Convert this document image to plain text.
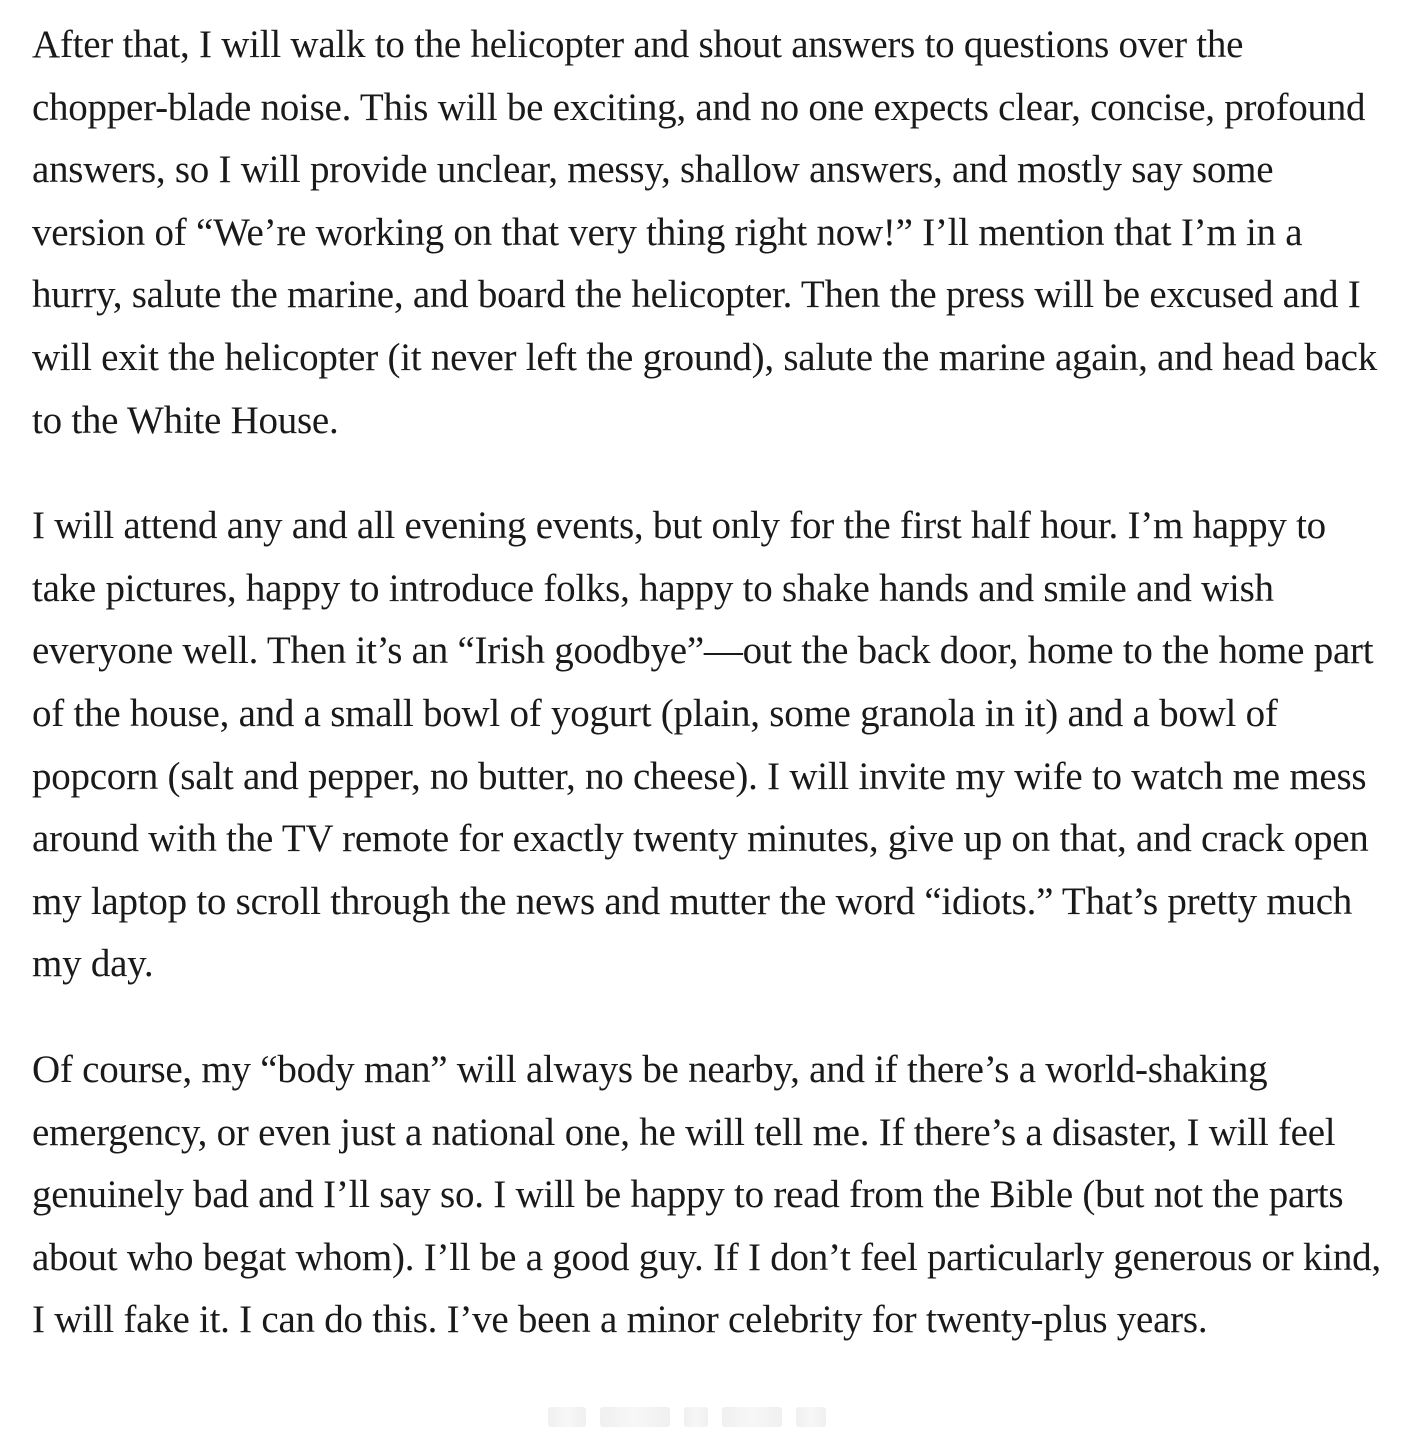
After that, I will walk to the helicopter and shout answers to questions over the chopper-blade noise. This will be exciting, and no one expects clear, concise, profound answers, so I will provide unclear, messy, shallow answers, and mostly say some version of “We’re working on that very thing right now!” I’ll mention that I’m in a hurry, salute the marine, and board the helicopter. Then the press will be excused and I will exit the helicopter (it never left the ground), salute the marine again, and head back to the White House.

I will attend any and all evening events, but only for the first half hour. I’m happy to take pictures, happy to introduce folks, happy to shake hands and smile and wish everyone well. Then it’s an “Irish goodbye”—out the back door, home to the home part of the house, and a small bowl of yogurt (plain, some granola in it) and a bowl of popcorn (salt and pepper, no butter, no cheese). I will invite my wife to watch me mess around with the TV remote for exactly twenty minutes, give up on that, and crack open my laptop to scroll through the news and mutter the word “idiots.” That’s pretty much my day.

Of course, my “body man” will always be nearby, and if there’s a world-shaking emergency, or even just a national one, he will tell me. If there’s a disaster, I will feel genuinely bad and I’ll say so. I will be happy to read from the Bible (but not the parts about who begat whom). I’ll be a good guy. If I don’t feel particularly generous or kind, I will fake it. I can do this. I’ve been a minor celebrity for twenty-plus years.
